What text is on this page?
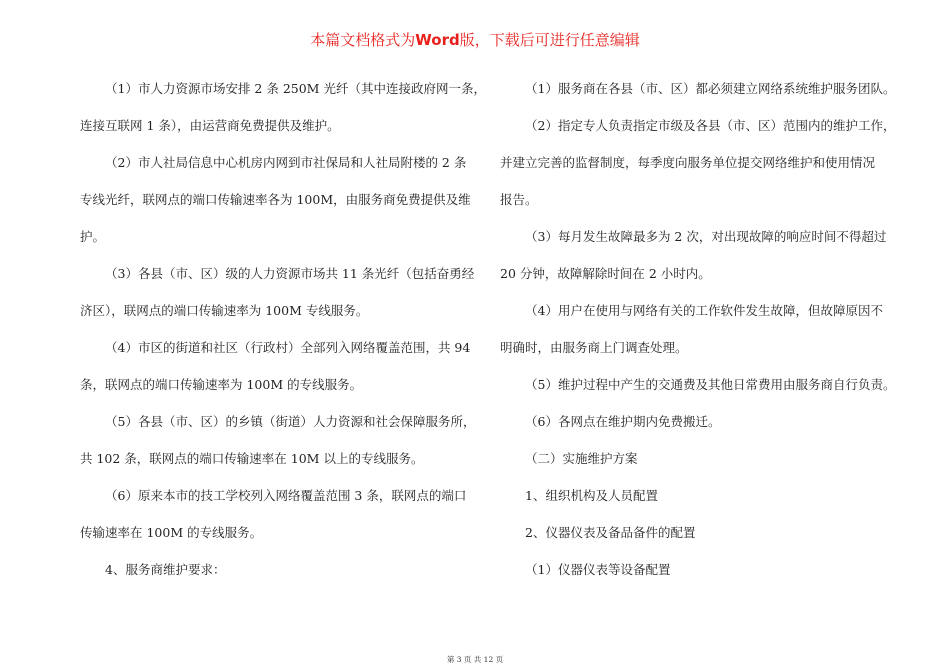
本篇文档格式为Word版，下载后可进行任意编辑
（1）市人力资源市场安排 2 条 250M 光纤（其中连接政府网一条，
连接互联网 1 条），由运营商免费提供及维护。
（2）市人社局信息中心机房内网到市社保局和人社局附楼的 2 条
专线光纤，联网点的端口传输速率各为 100M，由服务商免费提供及维
护。
（3）各县（市、区）级的人力资源市场共 11 条光纤（包括奋勇经
济区），联网点的端口传输速率为 100M 专线服务。
（4）市区的街道和社区（行政村）全部列入网络覆盖范围，共 94
条，联网点的端口传输速率为 100M 的专线服务。
（5）各县（市、区）的乡镇（街道）人力资源和社会保障服务所，
共 102 条，联网点的端口传输速率在 10M 以上的专线服务。
（6）原来本市的技工学校列入网络覆盖范围 3 条，联网点的端口
传输速率在 100M 的专线服务。
4、服务商维护要求：
（1）服务商在各县（市、区）都必须建立网络系统维护服务团队。
（2）指定专人负责指定市级及各县（市、区）范围内的维护工作，
并建立完善的监督制度，每季度向服务单位提交网络维护和使用情况
报告。
（3）每月发生故障最多为 2 次，对出现故障的响应时间不得超过
20 分钟，故障解除时间在 2 小时内。
（4）用户在使用与网络有关的工作软件发生故障，但故障原因不
明确时，由服务商上门调查处理。
（5）维护过程中产生的交通费及其他日常费用由服务商自行负责。
（6）各网点在维护期内免费搬迁。
（二）实施维护方案
1、组织机构及人员配置
2、仪器仪表及备品备件的配置
（1）仪器仪表等设备配置
第 3 页 共 12 页
